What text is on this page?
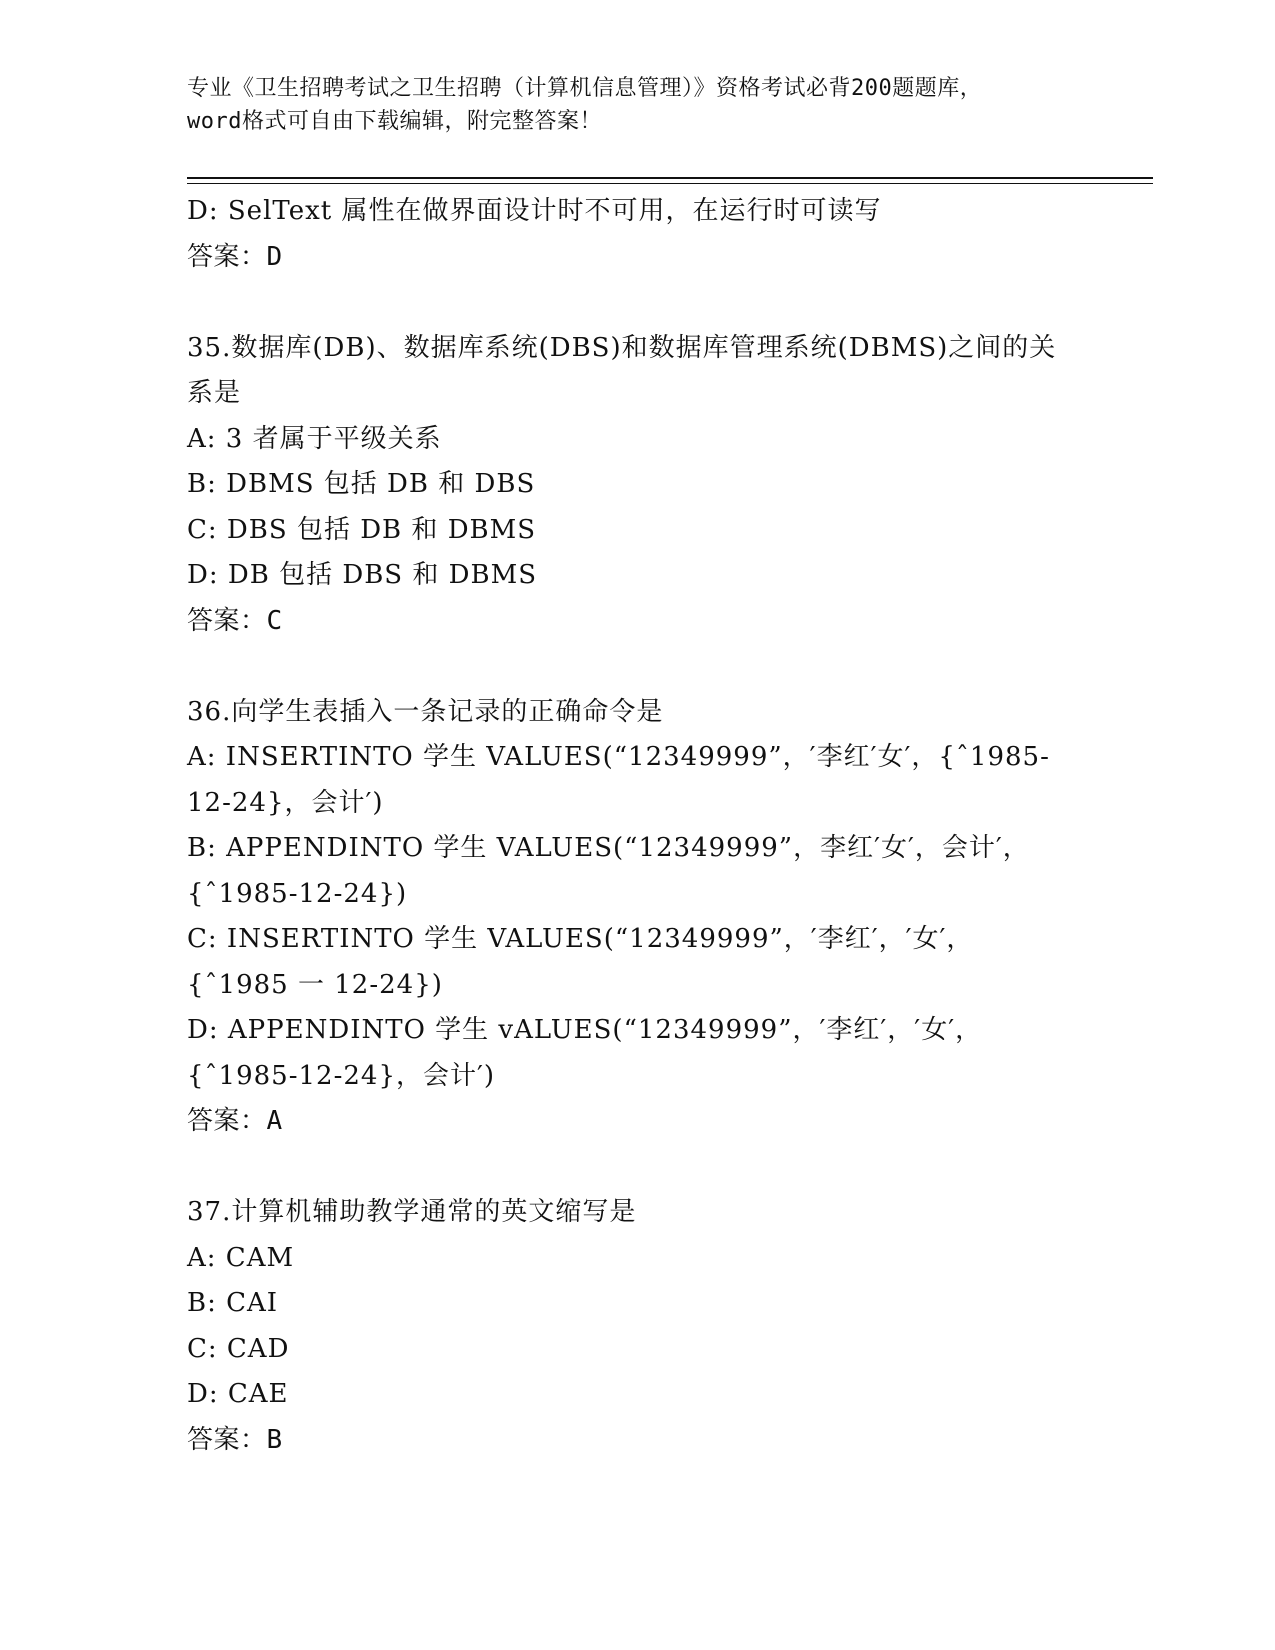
专业《卫生招聘考试之卫生招聘（计算机信息管理）》资格考试必背200题题库，
word格式可自由下载编辑，附完整答案！
D: SelText 属性在做界面设计时不可用，在运行时可读写
答案：D
35.数据库(DB)、数据库系统(DBS)和数据库管理系统(DBMS)之间的关
系是
A: 3 者属于平级关系
B: DBMS 包括 DB 和 DBS
C: DBS 包括 DB 和 DBMS
D: DB 包括 DBS 和 DBMS
答案：C
36.向学生表插入一条记录的正确命令是
A: INSERTINTO 学生 VALUES(“12349999”，′李红′女′，{ˆ1985-
12-24}，会计′)
B: APPENDINTO 学生 VALUES(“12349999”，李红′女′，会计′，
{ˆ1985-12-24})
C: INSERTINTO 学生 VALUES(“12349999”，′李红′，′女′，
{ˆ1985 一 12-24})
D: APPENDINTO 学生 vALUES(“12349999”，′李红′，′女′，
{ˆ1985-12-24}，会计′)
答案：A
37.计算机辅助教学通常的英文缩写是
A: CAM
B: CAI
C: CAD
D: CAE
答案：B
